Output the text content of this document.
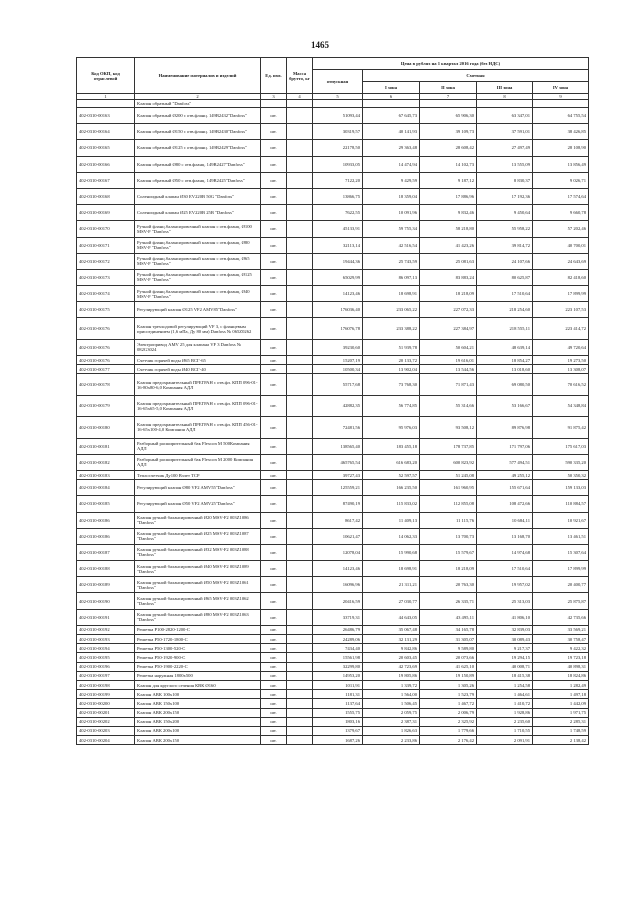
1465
Код ОКП, код отраслевой	Наименование материалов и изделий	Ед. изм.	Масса брутто, кг	Цена в рублях на 1 квартал 2016 года (без НДС)				
				отпускная	Сметная			
					I зона	II зона	III зона	IV зона
1	2	3	4	5	6	7	8	9
	Клапан обратный "Danfoss"							
402-0310-00163	Клапан обратный Ø200 с отв.фланц. 149В2432"Danfoss"	шт.		51093,44	67 645,73	65 906,30	63 347,01	64 755,54
402-0310-00164	Клапан обратный Ø150 с отв.фланц. 149В2430"Danfoss"	шт.		30319,57	40 141,93	39 109,73	37 591,01	38 426,85
402-0310-00165	Клапан обратный Ø125 с отв.фланц. 149В2429"Danfoss"	шт.		22178,50	29 363,48	28 608,42	27 497,49	28 108,90
402-0310-00166	Клапан обратный Ø80 с отв.фланц. 149В2427"Danfoss"	шт.		10933,05	14 474,94	14 102,73	13 555,09	13 856,49
402-0310-00167	Клапан обратный Ø50 с отв.фланц. 149В2425"Danfoss"	шт.		7122,20	9 429,59	9 187,12	8 830,37	9 026,71
402-0310-00168	Соленоидный клапан Ø30 EV220В 50G "Danfoss"	шт.		13866,75	18 359,04	17 886,96	17 192,36	17 574,64
402-0310-00169	Соленоидный клапан Ø25 EV220В 25В "Danfoss"	шт.		7622,55	10 091,96	9 832,46	9 450,64	9 660,78
402-0310-00170	Ручной фланц.балансировочный клапан с отв.фланц. Ø100 MSV-F "Danfoss"	шт.		45133,91	59 755,34	58 218,80	55 958,22	57 202,46
402-0310-00171	Ручной фланц.балансировочный клапан с отв.фланц. Ø80 MSV-F "Danfoss"	шт.		32113,14	42 516,54	41 423,26	39 814,72	40 700,01
402-0310-00172	Ручной фланц.балансировочный клапан с отв.фланц. Ø65 MSV-F "Danfoss"	шт.		19444,36	25 743,59	25 081,63	24 107,66	24 643,69
402-0310-00173	Ручной фланц.балансировочный клапан с отв.фланц. Ø125 MSV-F "Danfoss"	шт.		65029,99	86 097,13	83 883,24	80 625,87	82 418,60
402-0310-00174	Ручной фланц.балансировочный клапан с отв.фланц. Ø40 MSV-F "Danfoss"	шт.		14123,46	18 698,91	18 218,09	17 510,64	17 899,99
402-0310-00175	Регулирующий клапан Ø125 VF2 AMV85"Danfoss"	шт.		176036,40	233 065,22	227 072,33	218 254,60	223 107,53
402-0310-00176	Клапан трехходовой регулирующий VF 3, с фланцевым присоединением (1,6 мПа, Ду 80 мм) Danfoss № 065Z0262	шт.		176076,78	233 388,22	227 384,97	218 555,11	223 414,72
402-0310-00176	Электропривод AMV 25 для клапана VF 3 Danfoss № 082G3024	шт.		39230,60	51 939,78	50 604,21	48 639,14	49 720,64
402-0310-00176	Счетчик горячей воды Ø65 ВСГ-65	шт.		15207,19	20 133,72	19 616,01	18 854,27	19 273,50
402-0310-00177	Счетчик горячей воды Ø40 ВСГ-40	шт.		10500,34	13 902,04	13 544,56	13 018,60	13 308,07
402-0310-00178	Клапан предохранительный ПРЕГРАН с отв.фл. КПП 096-01-16-80х80-6,0 Компания АДЛ	шт.		55717,68	73 768,30	71 871,43	69 080,50	70 616,52
402-0310-00179	Клапан предохранительный ПРЕГРАН с отв.фл. КПП 096-01-16-65х65-5,0 Компания АДЛ	шт.		42882,35	56 774,85	55 314,66	53 166,67	54 348,84
402-0310-00180	Клапан предохранительный ПРЕГРАН с отв.фл. КПП 456-01-16-65х100-4,0 Компания АДЛ	шт.		72481,56	95 976,03	93 508,12	89 876,98	91 875,42
402-0310-00181	Разборный расширительный бак Flexcon M 500Компания АДЛ	шт.		138565,40	183 455,18	178 737,85	171 797,06	175 617,03
402-0310-00182	Разборный расширительный бак Flexcon M 2000 Компания АДЛ	шт.		465765,54	616 683,20	600 823,92	577 494,51	590 335,20
402-0310-00183	Теплосчетчик Ду100 Взлет ТСР	шт.		39727,43	52 597,57	51 245,08	49 255,12	50 350,32
402-0310-00184	Регулирующий клапан Ø80 VF2 AMV55"Danfoss"	шт.		125559,21	166 235,50	161 960,95	155 671,64	159 133,03
402-0310-00185	Регулирующий клапан Ø50 VF2 AMV25"Danfoss"	шт.		87490,19	115 833,02	112 855,08	108 472,66	110 884,57
402-0310-00186	Клапан ручной балансировочный Ø20 MSV-F2 003Z1086 "Danfoss"	шт.		8617,42	11 409,13	11 115,76	10 684,11	10 921,67
402-0310-00186	Клапан ручной балансировочный Ø25 MSV-F2 003Z1087 "Danfoss"	шт.		10621,47	14 062,33	13 700,73	13 168,70	13 461,51
402-0310-00187	Клапан ручной балансировочный Ø32 MSV-F2 003Z1088 "Danfoss"	шт.		12078,04	15 990,68	15 579,67	14 974,68	15 307,64
402-0310-00188	Клапан ручной балансировочный Ø40 MSV-F2 003Z1089 "Danfoss"	шт.		14123,46	18 698,91	18 218,09	17 510,64	17 899,99
402-0310-00189	Клапан ручной балансировочный Ø50 MSV-F2 003Z1061 "Danfoss"	шт.		16096,96	21 311,21	20 763,30	19 957,02	20 400,77
402-0310-00190	Клапан ручной балансировочный Ø65 MSV-F2 003Z1062 "Danfoss"	шт.		20416,59	27 030,77	26 335,71	25 313,03	25 875,87
402-0310-00191	Клапан ручной балансировочный Ø80 MSV-F2 003Z1063 "Danfoss"	шт.		33719,31	44 643,05	43 495,11	41 806,10	42 735,66
402-0310-00192	Решетка Р100-2820-1200-С	шт.		26486,79	35 067,48	34 165,78	32 839,03	33 569,21
402-0310-00193	Решетка Р50-1720-1800-С	шт.		24289,06	32 131,29	31 305,07	30 089,43	30 758,47
402-0310-00194	Решетка Р50-1300-520-С	шт.		7434,40	9 842,86	9 589,80	9 217,37	9 422,32
402-0310-00195	Решетка Р50-1920-900-С	шт.		15561,98	20 603,45	20 073,66	19 294,15	19 723,18
402-0310-00196	Решетка Р50-1900-2220-С	шт.		32299,80	42 723,69	41 625,10	40 008,71	40 898,31
402-0310-00197	Решетка наружная 1800х500	шт.		14953,20	19 805,86	19 150,89	18 415,38	18 824,86
402-0310-00198	Клапан для круглого сечения КВК Ø160	шт.		1011,91	1 339,72	1 305,26	1 254,58	1 282,49
402-0310-00199	Клапан АВК 100х100	шт.		1181,31	1 564,00	1 523,79	1 464,61	1 497,18
402-0310-00200	Клапан АВК 150х100	шт.		1137,64	1 506,45	1 467,72	1 410,72	1 442,09
402-0310-00201	Клапан АВК 200х150	шт.		1555,75	2 059,75	2 006,79	1 928,86	1 971,75
402-0310-00202	Клапан АВК 150х200	шт.		1803,16	2 387,31	2 325,92	2 235,60	2 285,31
402-0310-00203	Клапан АВК 200х100	шт.		1379,67	1 826,63	1 779,66	1 710,55	1 748,59
402-0310-00204	Клапан АВК 200х150	шт.		1687,26	2 233,86	2 176,42	2 091,91	2 138,42
